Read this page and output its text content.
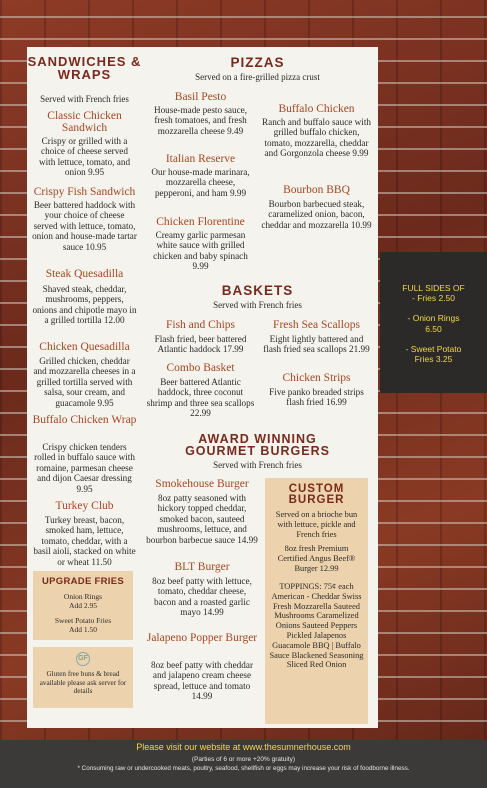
SANDWICHES & WRAPS
Served with French fries
Classic Chicken Sandwich
Crispy or grilled with a choice of cheese served with lettuce, tomato, and onion 9.95
Crispy Fish Sandwich
Beer battered haddock with your choice of cheese served with lettuce, tomato, onion and house-made tartar sauce 10.95
Steak Quesadilla
Shaved steak, cheddar, mushrooms, peppers, onions and chipotle mayo in a grilled tortilla 12.00
Chicken Quesadilla
Grilled chicken, cheddar and mozzarella cheeses in a grilled tortilla served with salsa, sour cream, and guacamole 9.95
Buffalo Chicken Wrap
Crispy chicken tenders rolled in buffalo sauce with romaine, parmesan cheese and dijon Caesar dressing 9.95
Turkey Club
Turkey breast, bacon, smoked ham, lettuce, tomato, cheddar, with a basil aioli, stacked on white or wheat 11.50
UPGRADE FRIES
Onion Rings
Add 2.95
Sweet Potato Fries
Add 1.50
GF
Gluten free buns & bread available please ask server for details
PIZZAS
Served on a fire-grilled pizza crust
Basil Pesto
House-made pesto sauce, fresh tomatoes, and fresh mozzarella cheese 9.49
Buffalo Chicken
Ranch and buffalo sauce with grilled buffalo chicken, tomato, mozzarella, cheddar and Gorgonzola cheese 9.99
Italian Reserve
Our house-made marinara, mozzarella cheese, pepperoni, and ham 9.99	Bourbon BBQ
Bourbon barbecued steak, caramelized onion, bacon, cheddar and mozzarella 10.99
Chicken Florentine
Creamy garlic parmesan white sauce with grilled chicken and baby spinach 9.99
BASKETS
Served with French fries
Fish and Chips
Flash fried, beer battered Atlantic haddock 17.99
Fresh Sea Scallops
Eight lightly battered and flash fried sea scallops 21.99
Combo Basket
Beer battered Atlantic haddock, three coconut shrimp and three sea scallops 22.99
Chicken Strips
Five panko breaded strips flash fried 16.99
AWARD WINNING
GOURMET BURGERS
Served with French fries
Smokehouse Burger
8oz patty seasoned with hickory topped cheddar, smoked bacon, sauteed mushrooms, lettuce, and bourbon barbecue sauce 14.99
BLT Burger
8oz beef patty with lettuce, tomato, cheddar cheese, bacon and a roasted garlic mayo 14.99
Jalapeno Popper Burger
8oz beef patty with cheddar and jalapeno cream cheese spread, lettuce and tomato 14.99
CUSTOM
BURGER
Served on a brioche bun with lettuce, pickle and French fries
8oz fresh Premium Certified Angus Beef® Burger 12.99
TOPPINGS: 75¢ each American - Cheddar Swiss Fresh Mozzarella Sauteed Mushrooms Caramelized Onions Sauteed Peppers Pickled Jalapenos Guacamole BBQ | Buffalo Sauce Blackened Seasoning Sliced Red Onion
FULL SIDES OF
- Fries 2.50
- Onion Rings
6.50
- Sweet Potato
Fries 3.25
Please visit our website at www.thesumnerhouse.com
(Parties of 6 or more +20% gratuity)
* Consuming raw or undercooked meats, poultry, seafood, shellfish or eggs may increase your risk of foodborne illness.
